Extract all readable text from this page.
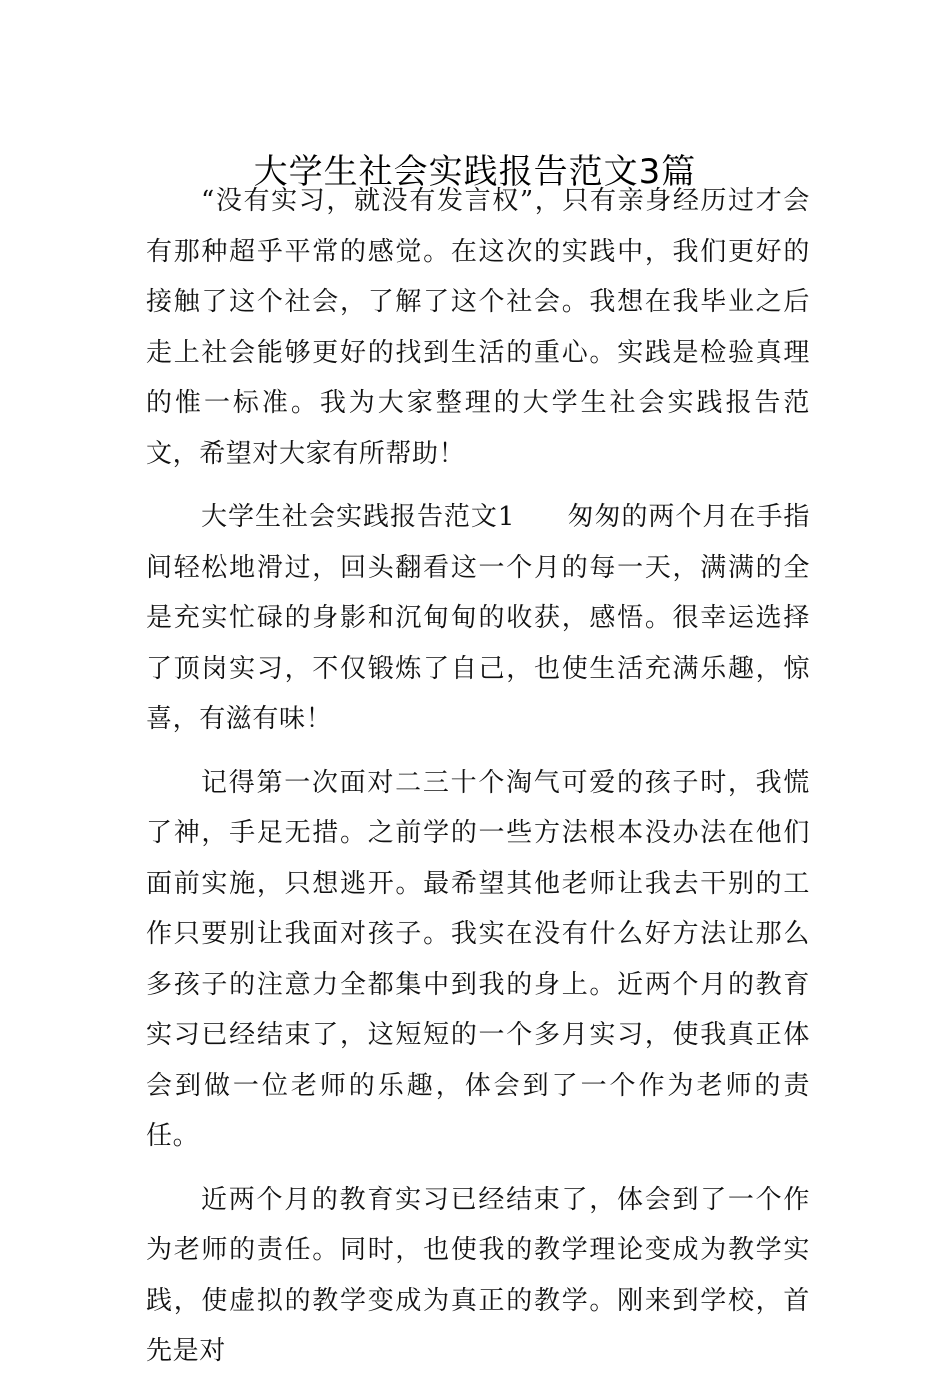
大学生社会实践报告范文3篇

“没有实习，就没有发言权”，只有亲身经历过才会有那种超乎平常的感觉。在这次的实践中，我们更好的接触了这个社会，了解了这个社会。我想在我毕业之后走上社会能够更好的找到生活的重心。实践是检验真理的惟一标准。我为大家整理的大学生社会实践报告范文，希望对大家有所帮助！

大学生社会实践报告范文1 匆匆的两个月在手指间轻松地滑过，回头翻看这一个月的每一天，满满的全是充实忙碌的身影和沉甸甸的收获，感悟。很幸运选择了顶岗实习，不仅锻炼了自己，也使生活充满乐趣，惊喜，有滋有味！

记得第一次面对二三十个淘气可爱的孩子时，我慌了神，手足无措。之前学的一些方法根本没办法在他们面前实施，只想逃开。最希望其他老师让我去干别的工作只要别让我面对孩子。我实在没有什么好方法让那么多孩子的注意力全都集中到我的身上。近两个月的教育实习已经结束了，这短短的一个多月实习，使我真正体会到做一位老师的乐趣，体会到了一个作为老师的责任。

近两个月的教育实习已经结束了，体会到了一个作为老师的责任。同时，也使我的教学理论变成为教学实践，使虚拟的教学变成为真正的教学。刚来到学校，首先是对
